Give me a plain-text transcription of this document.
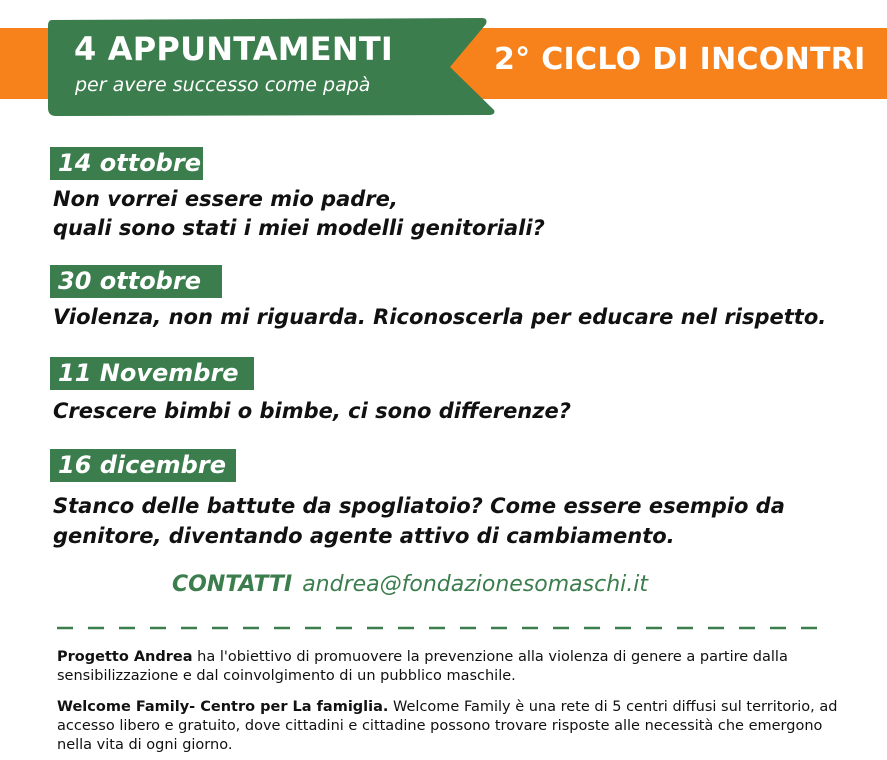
2° CICLO DI INCONTRI
4 APPUNTAMENTI
per avere successo come papà
14 ottobre
Non vorrei essere mio padre,
quali sono stati i miei modelli genitoriali?
30 ottobre
Violenza, non mi riguarda. Riconoscerla per educare nel rispetto.
11 Novembre
Crescere bimbi o bimbe, ci sono differenze?
16 dicembre
Stanco delle battute da spogliatoio? Come essere esempio da
genitore, diventando agente attivo di cambiamento.
CONTATTI andrea@fondazionesomaschi.it
Progetto Andrea ha l'obiettivo di promuovere la prevenzione alla violenza di genere a partire dalla sensibilizzazione e dal coinvolgimento di un pubblico maschile.
Welcome Family- Centro per La famiglia. Welcome Family è una rete di 5 centri diffusi sul territorio, ad accesso libero e gratuito, dove cittadini e cittadine possono trovare risposte alle necessità che emergono nella vita di ogni giorno.
